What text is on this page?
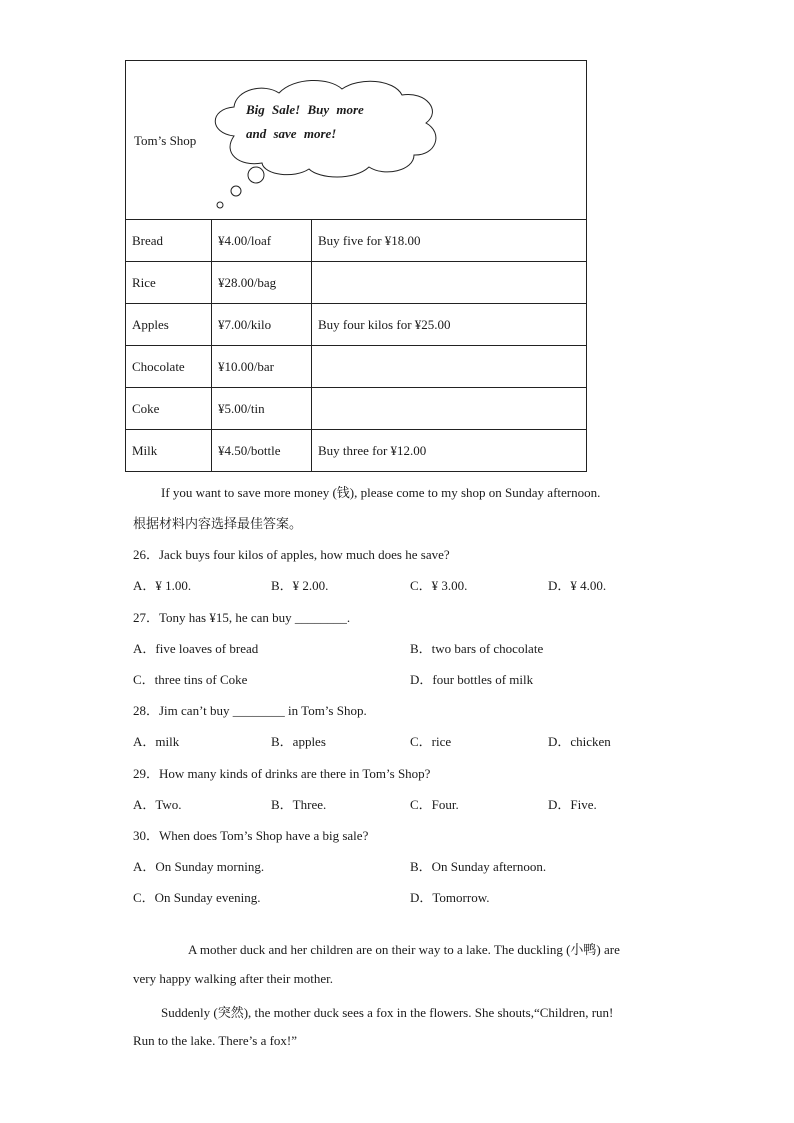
Tom’s Shop
Big Sale! Buy more
and save more!		

Bread	¥4.00/loaf	Buy five for ¥18.00
Rice	¥28.00/bag	
Apples	¥7.00/kilo	Buy four kilos for ¥25.00
Chocolate	¥10.00/bar	
Coke	¥5.00/tin	
Milk	¥4.50/bottle	Buy three for ¥12.00
If you want to save more money (钱), please come to my shop on Sunday afternoon.
根据材料内容选择最佳答案。
26．Jack buys four kilos of apples, how much does he save?
A．¥ 1.00.	B．¥ 2.00.	C．¥ 3.00.	D．¥ 4.00.
27．Tony has ¥15, he can buy ________.
A．five loaves of bread	B．two bars of chocolate
C．three tins of Coke	D．four bottles of milk
28．Jim can’t buy ________ in Tom’s Shop.
A．milk	B．apples	C．rice	D．chicken
29．How many kinds of drinks are there in Tom’s Shop?
A．Two.	B．Three.	C．Four.	D．Five.
30．When does Tom’s Shop have a big sale?
A．On Sunday morning.	B．On Sunday afternoon.
C．On Sunday evening.	D．Tomorrow.
A mother duck and her children are on their way to a lake. The duckling (小鸭) are
very happy walking after their mother.
Suddenly (突然), the mother duck sees a fox in the flowers. She shouts,“Children, run!
Run to the lake. There’s a fox!”
